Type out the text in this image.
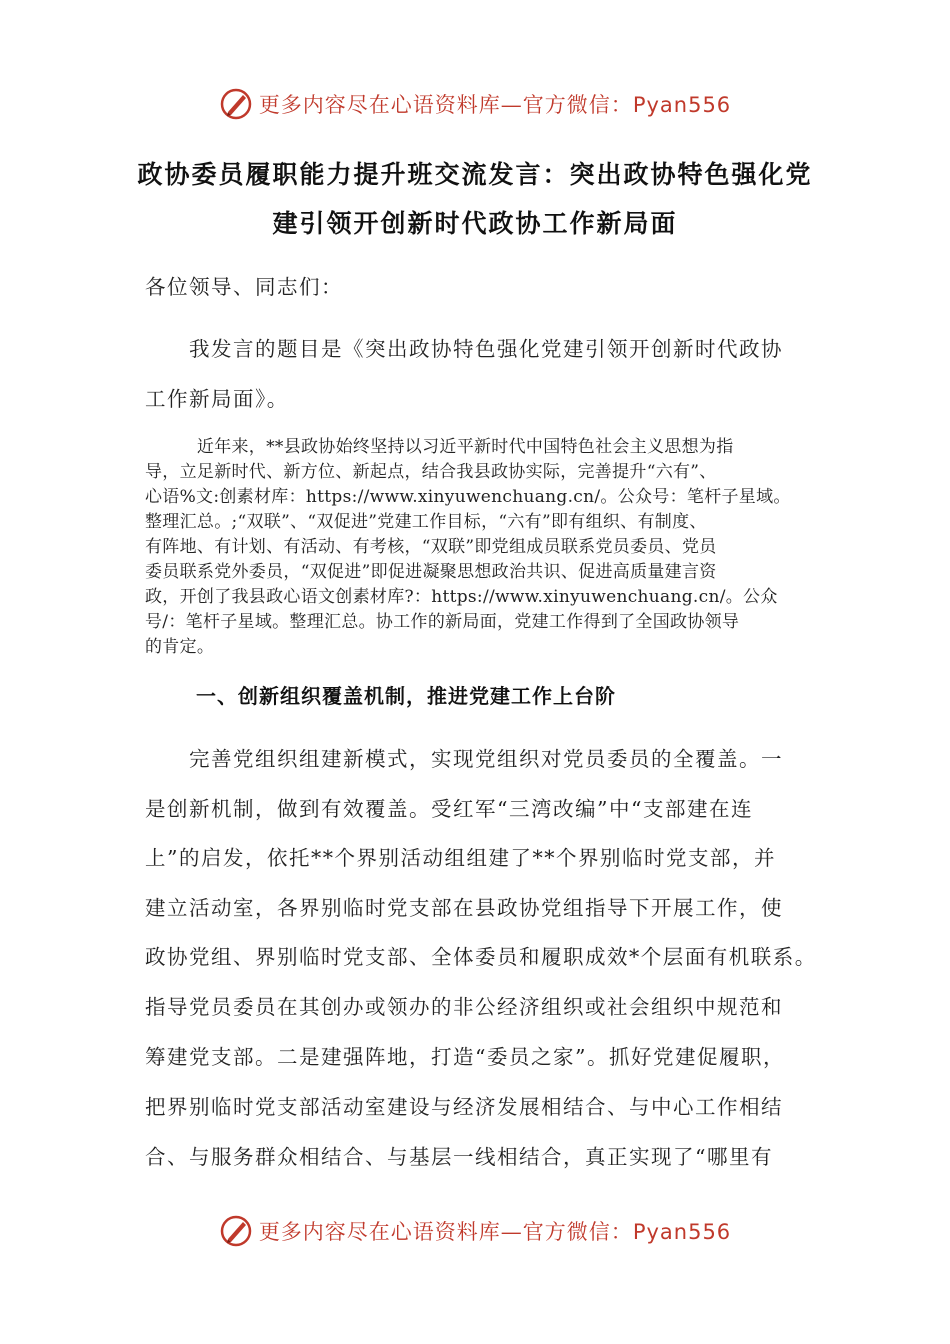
更多内容尽在心语资料库—官方微信：Pyan556
政协委员履职能力提升班交流发言：突出政协特色强化党
建引领开创新时代政协工作新局面
各位领导、同志们：
　　我发言的题目是《突出政协特色强化党建引领开创新时代政协
工作新局面》。
　　　近年来，**县政协始终坚持以习近平新时代中国特色社会主义思想为指
导，立足新时代、新方位、新起点，结合我县政协实际，完善提升“六有”、
心语%文:创素材库：https://www.xinyuwenchuang.cn/。公众号：笔杆子星域。
整理汇总。;“双联”、“双促进”党建工作目标，“六有”即有组织、有制度、
有阵地、有计划、有活动、有考核，“双联”即党组成员联系党员委员、党员
委员联系党外委员，“双促进”即促进凝聚思想政治共识、促进高质量建言资
政，开创了我县政心语文创素材库?：https://www.xinyuwenchuang.cn/。公众
号/：笔杆子星域。整理汇总。协工作的新局面，党建工作得到了全国政协领导
的肯定。
一、创新组织覆盖机制，推进党建工作上台阶
　　完善党组织组建新模式，实现党组织对党员委员的全覆盖。一
是创新机制，做到有效覆盖。受红军“三湾改编”中“支部建在连
上”的启发，依托**个界别活动组组建了**个界别临时党支部，并
建立活动室，各界别临时党支部在县政协党组指导下开展工作，使
政协党组、界别临时党支部、全体委员和履职成效*个层面有机联系。
指导党员委员在其创办或领办的非公经济组织或社会组织中规范和
筹建党支部。二是建强阵地，打造“委员之家”。抓好党建促履职，
把界别临时党支部活动室建设与经济发展相结合、与中心工作相结
合、与服务群众相结合、与基层一线相结合，真正实现了“哪里有
更多内容尽在心语资料库—官方微信：Pyan556
